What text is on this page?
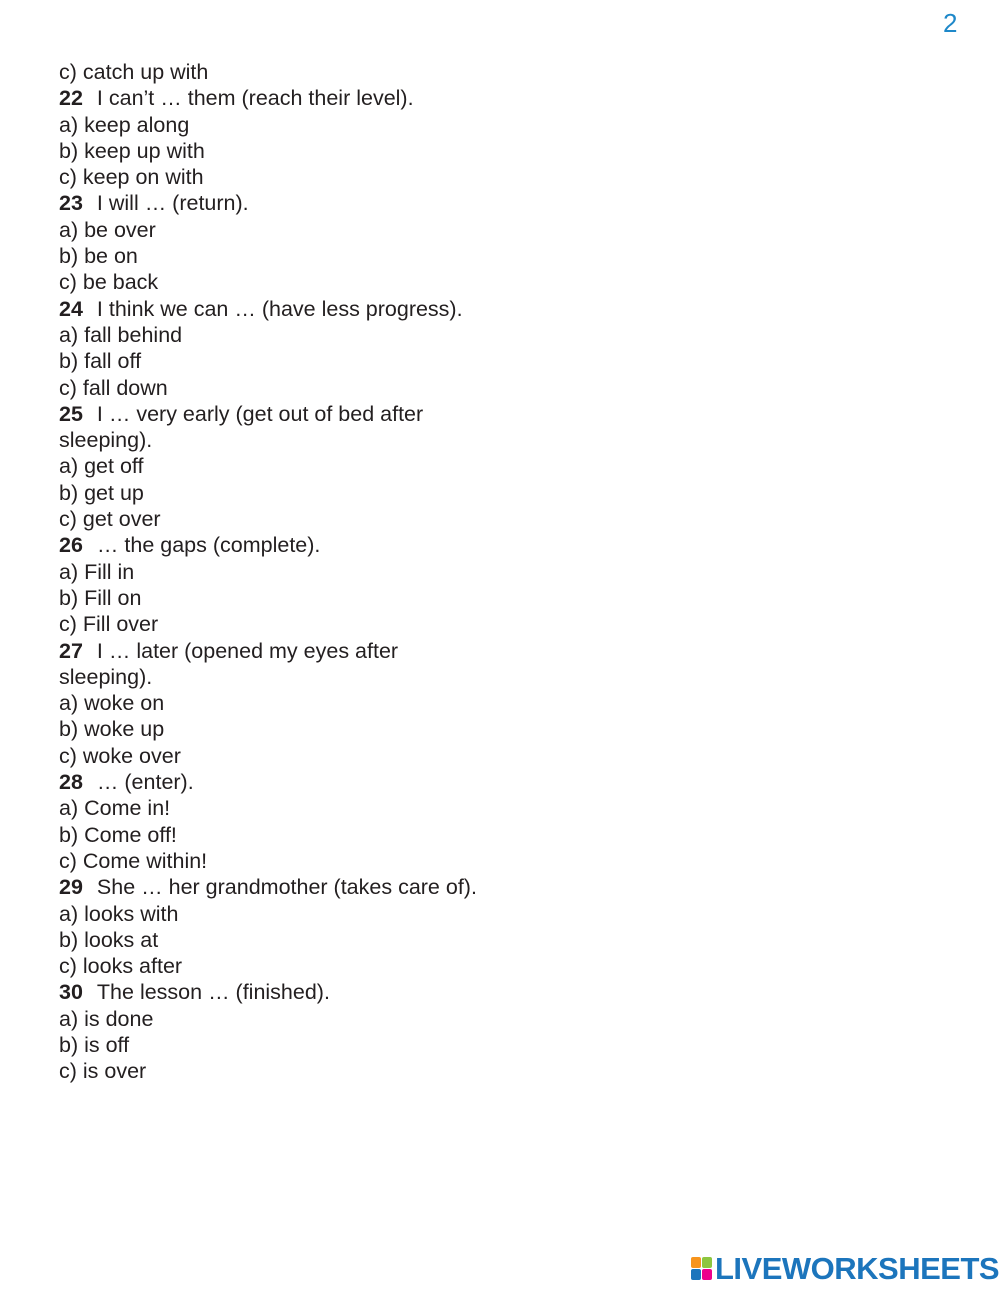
2
c) catch up with
22 I can’t … them (reach their level).
a) keep along
b) keep up with
c) keep on with
23 I will … (return).
a) be over
b) be on
c) be back
24 I think we can … (have less progress).
a) fall behind
b) fall off
c) fall down
25 I … very early (get out of bed after sleeping).
a) get off
b) get up
c) get over
26 … the gaps (complete).
a) Fill in
b) Fill on
c) Fill over
27 I … later (opened my eyes after sleeping).
a) woke on
b) woke up
c) woke over
28 … (enter).
a) Come in!
b) Come off!
c) Come within!
29 She … her grandmother (takes care of).
a) looks with
b) looks at
c) looks after
30 The lesson … (finished).
a) is done
b) is off
c) is over
LIVEWORKSHEETS
